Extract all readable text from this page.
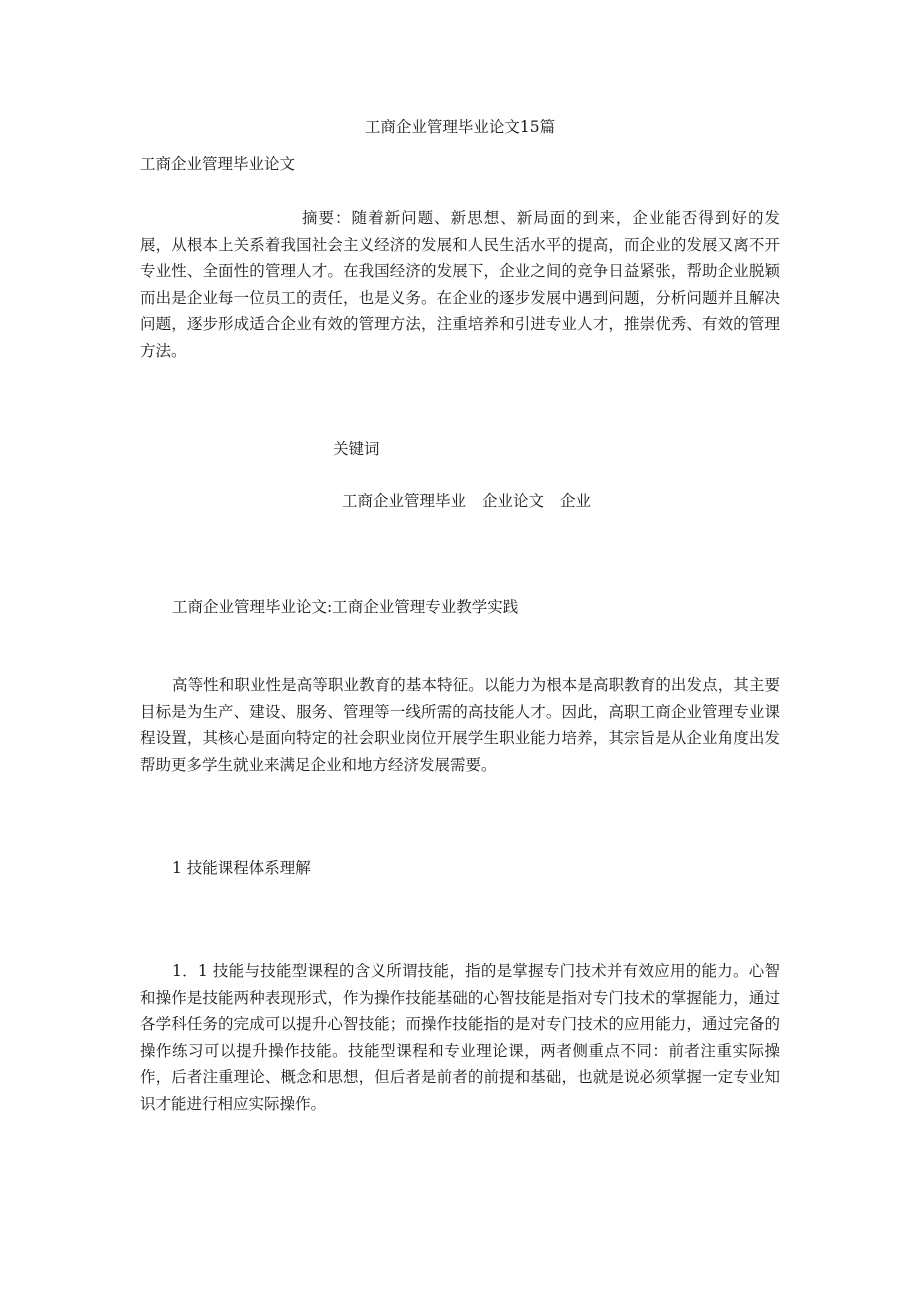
工商企业管理毕业论文15篇
工商企业管理毕业论文
摘要：随着新问题、新思想、新局面的到来，企业能否得到好的发展，从根本上关系着我国社会主义经济的发展和人民生活水平的提高，而企业的发展又离不开专业性、全面性的管理人才。在我国经济的发展下，企业之间的竞争日益紧张，帮助企业脱颖而出是企业每一位员工的责任，也是义务。在企业的逐步发展中遇到问题，分析问题并且解决问题，逐步形成适合企业有效的管理方法，注重培养和引进专业人才，推崇优秀、有效的管理方法。
关键词
工商企业管理毕业 企业论文 企业
工商企业管理毕业论文:工商企业管理专业教学实践
高等性和职业性是高等职业教育的基本特征。以能力为根本是高职教育的出发点，其主要目标是为生产、建设、服务、管理等一线所需的高技能人才。因此，高职工商企业管理专业课程设置，其核心是面向特定的社会职业岗位开展学生职业能力培养，其宗旨是从企业角度出发帮助更多学生就业来满足企业和地方经济发展需要。
1 技能课程体系理解
1．1 技能与技能型课程的含义所谓技能，指的是掌握专门技术并有效应用的能力。心智和操作是技能两种表现形式，作为操作技能基础的心智技能是指对专门技术的掌握能力，通过各学科任务的完成可以提升心智技能；而操作技能指的是对专门技术的应用能力，通过完备的操作练习可以提升操作技能。技能型课程和专业理论课，两者侧重点不同：前者注重实际操作，后者注重理论、概念和思想，但后者是前者的前提和基础，也就是说必须掌握一定专业知识才能进行相应实际操作。
